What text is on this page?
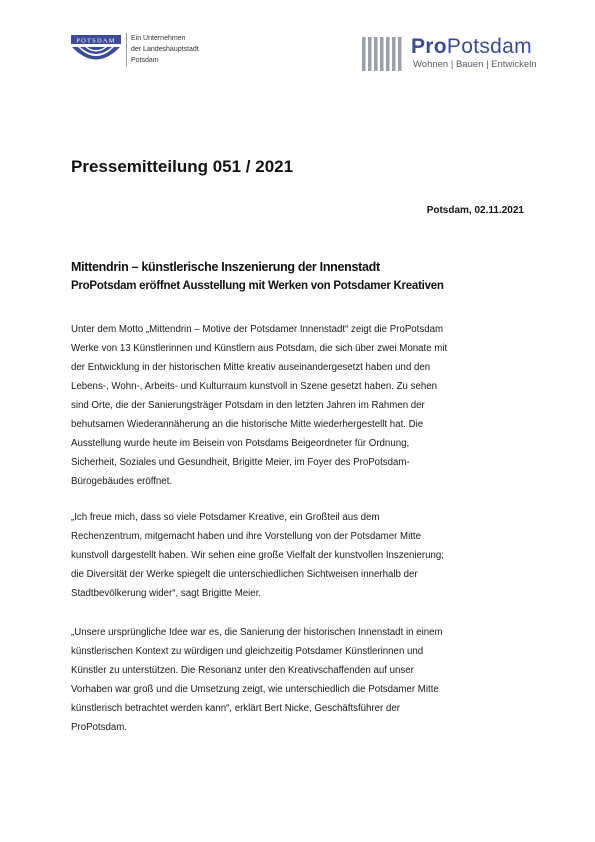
POTSDAM Ein Unternehmen
der Landeshauptstadt
Potsdam
ProPotsdam
Wohnen | Bauen | Entwickeln
Pressemitteilung 051 / 2021
Potsdam, 02.11.2021
Mittendrin – künstlerische Inszenierung der Innenstadt
ProPotsdam eröffnet Ausstellung mit Werken von Potsdamer Kreativen

Unter dem Motto „Mittendrin – Motive der Potsdamer Innenstadt“ zeigt die ProPotsdam
Werke von 13 Künstlerinnen und Künstlern aus Potsdam, die sich über zwei Monate mit
der Entwicklung in der historischen Mitte kreativ auseinandergesetzt haben und den
Lebens-, Wohn-, Arbeits- und Kulturraum kunstvoll in Szene gesetzt haben. Zu sehen
sind Orte, die der Sanierungsträger Potsdam in den letzten Jahren im Rahmen der
behutsamen Wiederannäherung an die historische Mitte wiederhergestellt hat. Die
Ausstellung wurde heute im Beisein von Potsdams Beigeordneter für Ordnung,
Sicherheit, Soziales und Gesundheit, Brigitte Meier, im Foyer des ProPotsdam-
Bürogebäudes eröffnet.

„Ich freue mich, dass so viele Potsdamer Kreative, ein Großteil aus dem
Rechenzentrum, mitgemacht haben und ihre Vorstellung von der Potsdamer Mitte
kunstvoll dargestellt haben. Wir sehen eine große Vielfalt der kunstvollen Inszenierung;
die Diversität der Werke spiegelt die unterschiedlichen Sichtweisen innerhalb der
Stadtbevölkerung wider“, sagt Brigitte Meier.

„Unsere ursprüngliche Idee war es, die Sanierung der historischen Innenstadt in einem
künstlerischen Kontext zu würdigen und gleichzeitig Potsdamer Künstlerinnen und
Künstler zu unterstützen. Die Resonanz unter den Kreativschaffenden auf unser
Vorhaben war groß und die Umsetzung zeigt, wie unterschiedlich die Potsdamer Mitte
künstlerisch betrachtet werden kann“, erklärt Bert Nicke, Geschäftsführer der
ProPotsdam.
